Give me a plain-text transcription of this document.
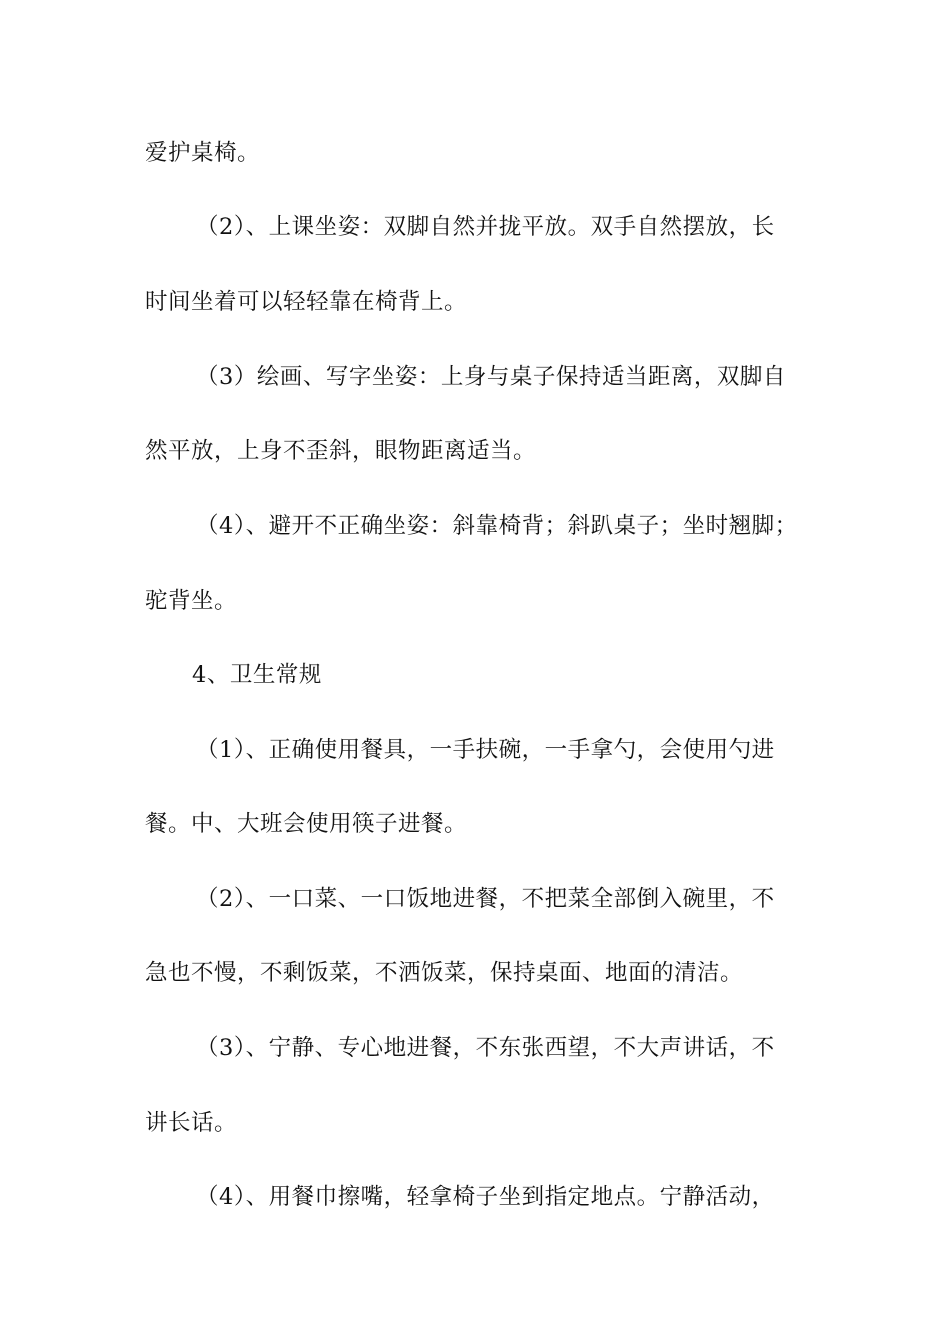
爱护桌椅。
（2）、上课坐姿：双脚自然并拢平放。双手自然摆放，长
时间坐着可以轻轻靠在椅背上。
（3）绘画、写字坐姿：上身与桌子保持适当距离，双脚自
然平放，上身不歪斜，眼物距离适当。
（4）、避开不正确坐姿：斜靠椅背；斜趴桌子；坐时翘脚；
驼背坐。
4、卫生常规
（1）、正确使用餐具，一手扶碗，一手拿勺，会使用勺进
餐。中、大班会使用筷子进餐。
（2）、一口菜、一口饭地进餐，不把菜全部倒入碗里，不
急也不慢，不剩饭菜，不洒饭菜，保持桌面、地面的清洁。
（3）、宁静、专心地进餐，不东张西望，不大声讲话，不
讲长话。
（4）、用餐巾擦嘴，轻拿椅子坐到指定地点。宁静活动，
